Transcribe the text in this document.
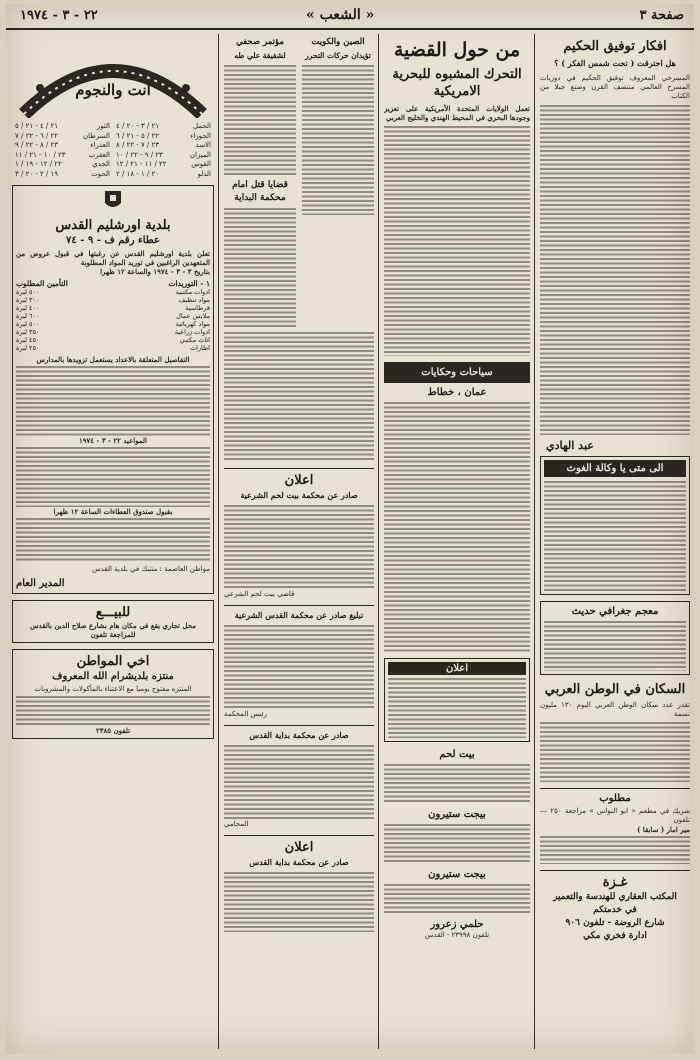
صفحة ٣
« الشعب »
٢٢ - ٣ - ١٩٧٤
افكار توفيق الحكيم
هل احترقت ( تحت شمس الفكر ) ؟
المسرحي المعروف توفيق الحكيم في دوريات المسرح العالمي منتصف القرن وصنع جيلا من الكتاب
عبد الهادي
الى متى يا وكالة الغوث
معجم جغرافي حديث
السكان في الوطن العربي
تقدر عدد سكان الوطن العربي اليوم ١٣٠ مليون نسمة
مطلوب
شريك في مطعم « ابو النواس » مراجعة ٢٥٠ — تلفون
مير امار ( سابقا )
غـزة
المكتب العقاري للهندسة والتعمير
في خدمتكم
شارع الروضة - تلفون ٩٠٦
ادارة فخري مكي
من حول القضية
التحرك المشبوه للبحرية الامريكية
تعمل الولايات المتحدة الأمريكية على تعزيز وجودها البحري في المحيط الهندي والخليج العربي
سياحات وحكايات
عمان ، خطاط
اعلان
بيت لحم
بيجت ستيرون
بيجت ستيرون
حلمي زعرور
تلفون ٢٣٩٩٨ - القدس
الصين والكويت
تؤيدان حركات التحرر
مؤتمر صحفي
لشقيقة علي طه
قضايا قتل امام محكمة البداية
اعلان
صادر عن محكمة بيت لحم الشرعية
قاضي بيت لحم الشرعي
تبليغ صادر عن محكمة القدس الشرعية
رئيس المحكمة
صادر عن محكمة بداية القدس
المحامي
اعلان
صادر عن محكمة بداية القدس
انت والنجوم
الحمل
٢١ / ٣ - ٢٠ / ٤
الثور
٢١ / ٤ - ٢١ / ٥
الجوزاء
٢٢ / ٥ - ٢١ / ٦
السرطان
٢٢ / ٦ - ٢٢ / ٧
الاسد
٢٣ / ٧ - ٢٢ / ٨
العذراء
٢٣ / ٨ - ٢٢ / ٩
الميزان
٢٣ / ٩ - ٢٢ / ١٠
العقرب
٢٣ / ١٠ - ٢١ / ١١
القوس
٢٢ / ١١ - ٢١ / ١٢
الجدي
٢٢ / ١٢ - ١٩ / ١
الدلو
٢٠ / ١ - ١٨ / ٢
الحوت
١٩ / ٢ - ٢٠ / ٣
بلدية اورشليم القدس
عطاء رقم ف - ٩ - ٧٤
تعلن بلدية اورشليم القدس عن رغبتها في قبول عروض من المتعهدين الراغبين في توريد المواد المطلوبة
بتاريخ ٣ - ٣ - ١٩٧٤ والساعة ١٢ ظهرا
١ - التوريدات
التأمين المطلوب
ادوات مكتبية
٥٠٠ ليرة
مواد تنظيف
٣٠٠ ليرة
قرطاسية
٤٠٠ ليرة
ملابس عمال
٦٠٠ ليرة
مواد كهربائية
٥٠٠ ليرة
ادوات زراعية
٣٥٠ ليرة
اثاث مكتبي
٤٥٠ ليرة
اطارات
٢٥٠ ليرة
التفاصيل المتعلقة بالاعداد يستعمل تزويدها بالمدارس
المواعيد ٢٢ - ٣ - ١٩٧٤
بقبول صندوق العطاءات الساعة ١٢ ظهرا
مواطن العاصمة : منتبك في بلدية القدس
المدير العام
للبيـــع
محل تجاري يقع في مكان هام بشارع صلاح الدين بالقدس للمراجعة تلفون
اخي المواطن
منتزه بلديشرام الله المعروف
المنتزه مفتوح يوميا مع الاعتناء بالمأكولات والمشروبات
تلفون ٢٣٨٥
